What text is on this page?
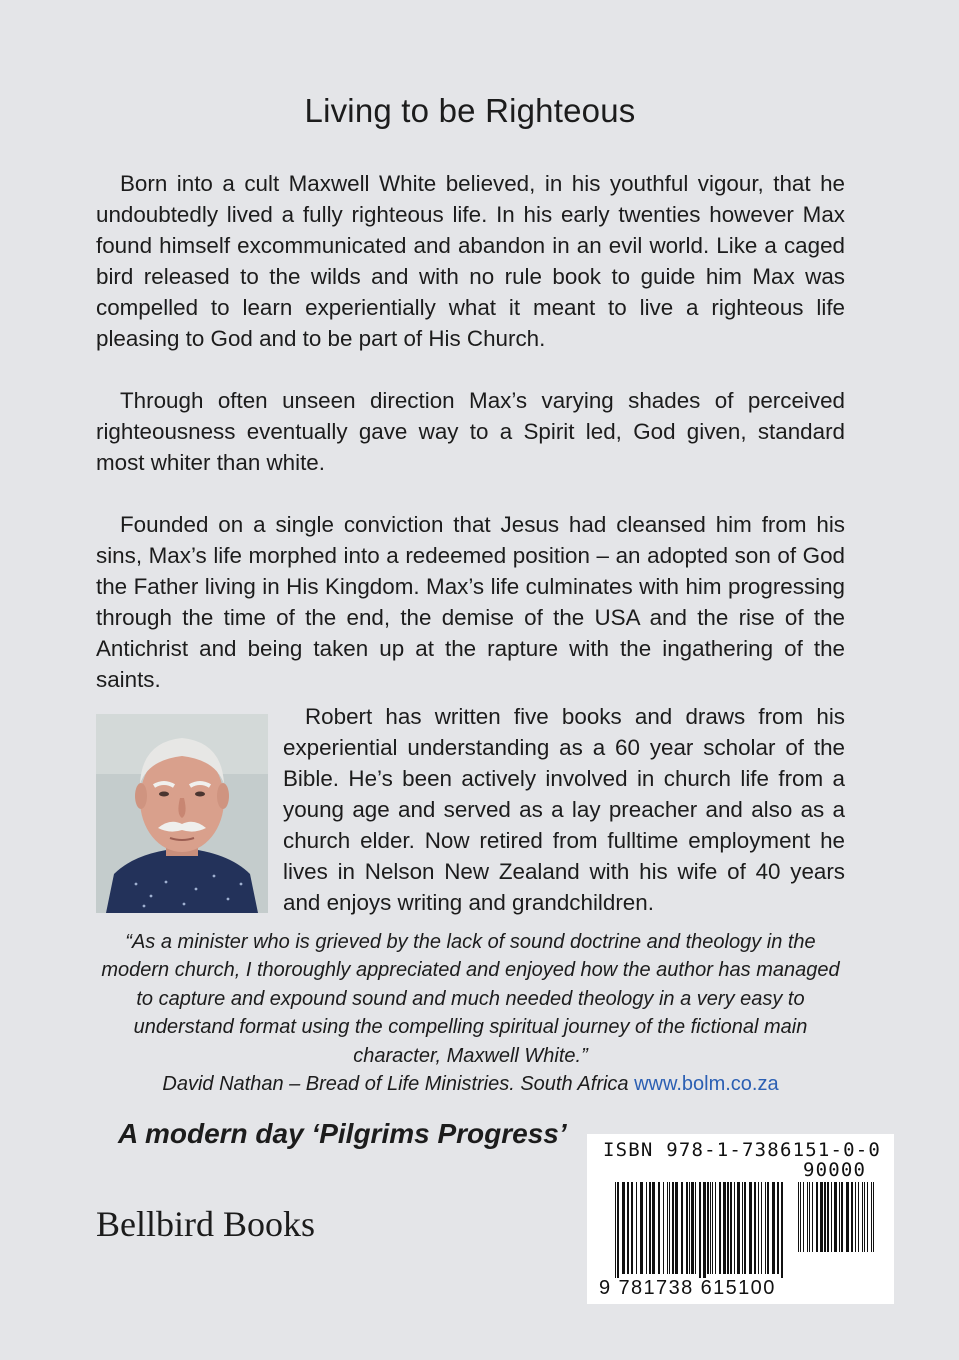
Living to be Righteous

Born into a cult Maxwell White believed, in his youthful vigour, that he undoubtedly lived a fully righteous life. In his early twenties however Max found himself excommunicated and abandon in an evil world. Like a caged bird released to the wilds and with no rule book to guide him Max was compelled to learn experientially what it meant to live a righteous life pleasing to God and to be part of His Church.

Through often unseen direction Max’s varying shades of perceived righteousness eventually gave way to a Spirit led, God given, standard most whiter than white.

Founded on a single conviction that Jesus had cleansed him from his sins, Max’s life morphed into a redeemed position – an adopted son of God the Father living in His Kingdom. Max’s life culminates with him progressing through the time of the end, the demise of the USA and the rise of the Antichrist and being taken up at the rapture with the ingathering of the saints.

Robert has written five books and draws from his experiential understanding as a 60 year scholar of the Bible. He’s been actively involved in church life from a young age and served as a lay preacher and also as a church elder. Now retired from fulltime employment he lives in Nelson New Zealand with his wife of 40 years and enjoys writing and grandchildren.

“As a minister who is grieved by the lack of sound doctrine and theology in the modern church, I thoroughly appreciated and enjoyed how the author has managed to capture and expound sound and much needed theology in a very easy to understand format using the compelling spiritual journey of the fictional main character, Maxwell White.”

David Nathan – Bread of Life Ministries. South Africa www.bolm.co.za
A modern day ‘Pilgrims Progress’
Bellbird Books
ISBN 978-1-7386151-0-0
90000
9 781738 615100
